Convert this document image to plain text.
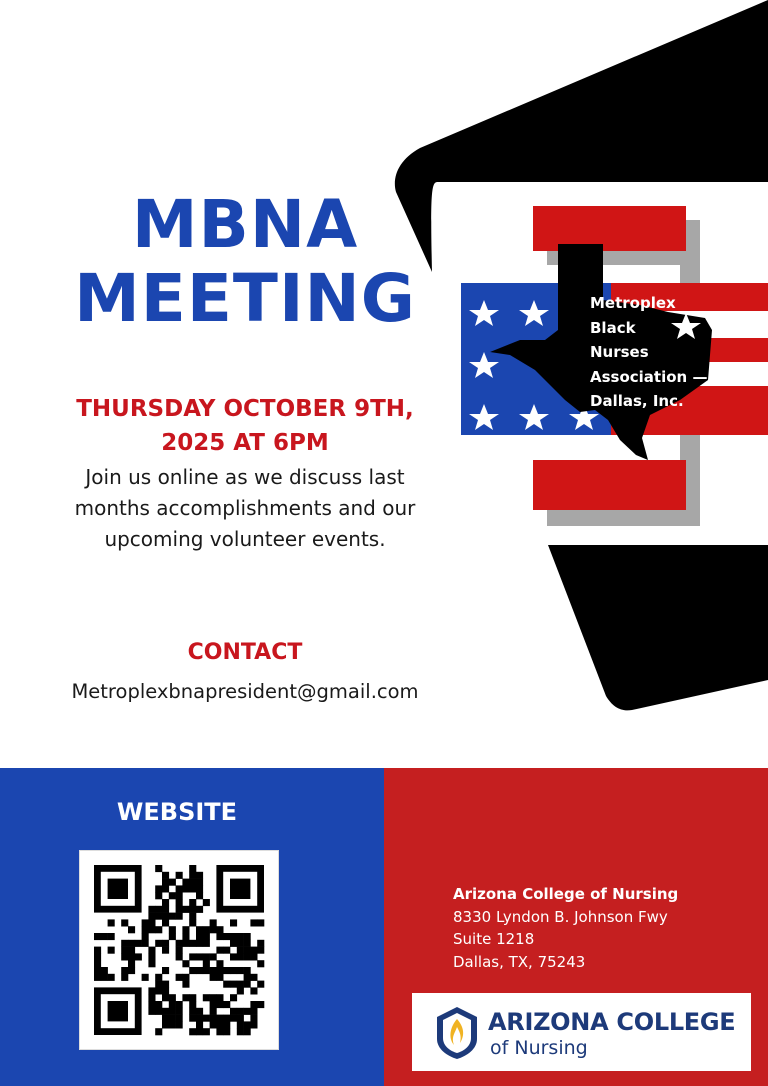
Metroplex
Black
Nurses
Association —
Dallas, Inc.
MBNA
MEETING
THURSDAY OCTOBER 9TH,
2025 AT 6PM
Join us online as we discuss last
months accomplishments and our
upcoming volunteer events.
CONTACT
Metroplexbnapresident@gmail.com
WEBSITE
Arizona College of Nursing
8330 Lyndon B. Johnson Fwy
Suite 1218
Dallas, TX, 75243
ARIZONA COLLEGE
of Nursing
